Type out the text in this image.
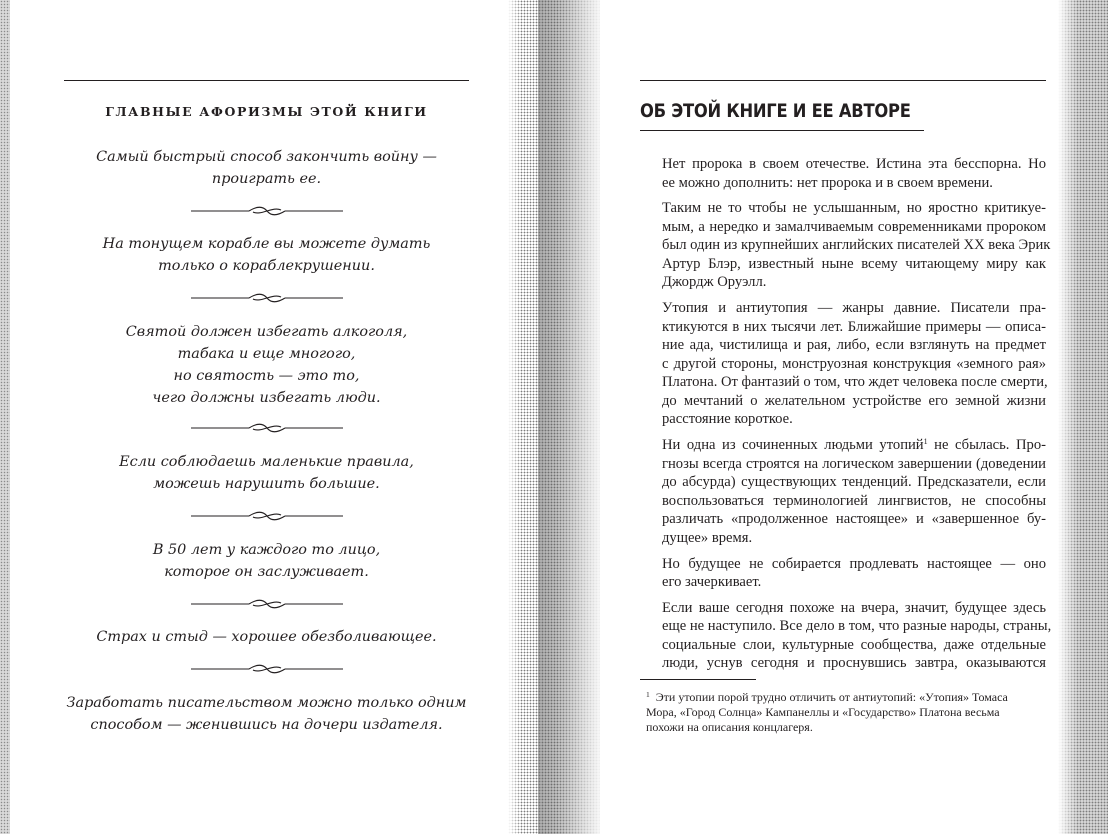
ГЛАВНЫЕ АФОРИЗМЫ ЭТОЙ КНИГИ
Самый быстрый способ закончить войну —
проиграть ее.
На тонущем корабле вы можете думать
только о кораблекрушении.
Святой должен избегать алкоголя,
табака и еще многого,
но святость — это то,
чего должны избегать люди.
Если соблюдаешь маленькие правила,
можешь нарушить большие.
В 50 лет у каждого то лицо,
которое он заслуживает.
Страх и стыд — хорошее обезболивающее.
Заработать писательством можно только одним
способом — женившись на дочери издателя.
ОБ ЭТОЙ КНИГЕ И ЕЕ АВТОРЕ

Нет пророка в своем отечестве. Истина эта бесспорна. Но
ее можно дополнить: нет пророка и в своем времени.

Таким не то чтобы не услышанным, но яростно критикуе-
мым, а нередко и замалчиваемым современниками пророком
был один из крупнейших английских писателей XX века Эрик
Артур Блэр, известный ныне всему читающему миру как
Джордж Оруэлл.

Утопия и антиутопия — жанры давние. Писатели пра-
ктикуются в них тысячи лет. Ближайшие примеры — описа-
ние ада, чистилища и рая, либо, если взглянуть на предмет
с другой стороны, монструозная конструкция «земного рая»
Платона. От фантазий о том, что ждет человека после смерти,
до мечтаний о желательном устройстве его земной жизни
расстояние короткое.

Ни одна из сочиненных людьми утопий$^1$ не сбылась. Про-
гнозы всегда строятся на логическом завершении (доведении
до абсурда) существующих тенденций. Предсказатели, если
воспользоваться терминологией лингвистов, не способны
различать «продолженное настоящее» и «завершенное бу-
дущее» время.

Но будущее не собирается продлевать настоящее — оно
его зачеркивает.

Если ваше сегодня похоже на вчера, значит, будущее здесь
еще не наступило. Все дело в том, что разные народы, страны,
социальные слои, культурные сообщества, даже отдельные
люди, уснув сегодня и проснувшись завтра, оказываются

$^1$ Эти утопии порой трудно отличить от антиутопий: «Утопия» Томаса
Мора, «Город Солнца» Кампанеллы и «Государство» Платона весьма
похожи на описания концлагеря.
